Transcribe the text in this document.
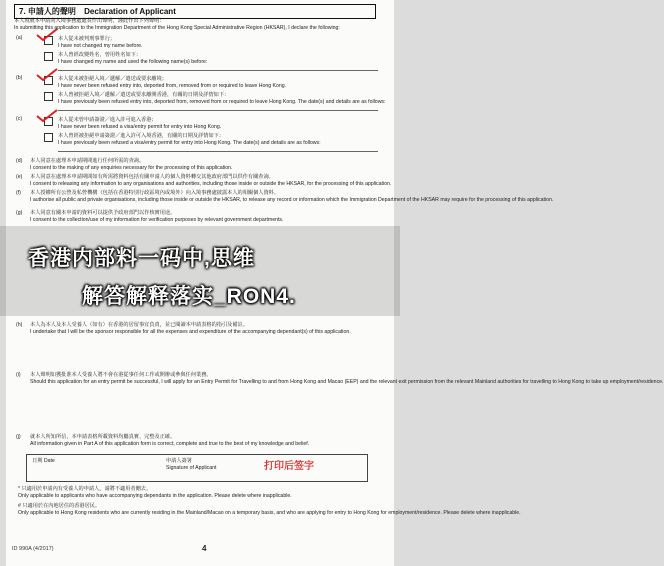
7. 申請人的聲明 Declaration of Applicant
本人現就本申請向入境事務處處長作出聲明，謹此作出下列聲明：
In submitting this application to the Immigration Department of the Hong Kong Special Administrative Region (HKSAR), I declare the following:
(a)	本人從未被判刑事罪行；
I have not changed my name before.
本人曾經改變姓名，曾用姓名如下：
I have changed my name and used the following name(s) before:
(b)	本人從未被拒絕入境／遞解／遣送或要求離境；
I have never been refused entry into, deported from, removed from or required to leave Hong Kong.
本人曾被拒絕入境／遞解／遣送或要求離開香港，有關的日期及詳情如下：
I have previously been refused entry into, deported from, removed from or required to leave Hong Kong. The date(s) and details are as follows:
(c)	本人從未曾申請簽證／進入許可進入香港；
I have never been refused a visa/entry permit for entry into Hong Kong.
本人曾經被拒絕申請簽證／進入許可入境香港，有關的日期及詳情如下：
I have previously been refused a visa/entry permit for entry into Hong Kong. The date(s) and details are as follows:
(d) 本人同意在處理本申請期間進行任何所需的查詢。
I consent to the making of any enquiries necessary for the processing of this application.
(e) 本人同意在處理本申請期間如有所需將資料包括有關申請人的個人資料轉交其他政府部門以供作有關查詢。
I consent to releasing any information to any organisations and authorities, including those inside or outside the HKSAR, for the processing of this application.
(f) 本人授權所有公營及私營機構（包括在香港特別行政區境內或境外）向入境事務處披露本人的相關個人資料。
I authorise all public and private organisations, including those inside or outside the HKSAR, to release any record or information which the Immigration Department of the HKSAR may require for the processing of this application.
(g) 本人同意有關本申請的資料可以提供予政府部門以作核實用途。
I consent to the collection/use of my information for verification purposes by relevant government departments.
(h) 本人為本人及本人受養人（如有）在香港的居留事宜負責，並已閱讀本申請表格的指引及備註。
I undertake that I will be the sponsor responsible for all the expenses and expenditure of the accompanying dependant(s) of this application.
(i) 本人聲明如獲批准本人受養人將不會在港從事任何工作或開辦或參與任何業務。
Should this application for an entry permit be successful, I will apply for an Entry Permit for Travelling to and from Hong Kong and Macao (EEP) and the relevant exit permission from the relevant Mainland authorities for travelling to Hong Kong to take up employment/residence.
(j) 就本人所知所信，本申請表格所載資料均屬真實、完整及正確。
All information given in Part A of this application form is correct, complete and true to the best of my knowledge and belief.
申請人簽署
Signature of Applicant
日期 Date	打印后签字
* 只適用於申請內有受養人的申請人，請將不適用者刪去。
Only applicable to applicants who have accompanying dependants in the application. Please delete where inapplicable.
# 只適用於在內地居住的香港居民。
Only applicable to Hong Kong residents who are currently residing in the Mainland/Macao on a temporary basis, and who are applying for entry to Hong Kong for employment/residence. Please delete where inapplicable.
ID 990A (4/2017)	4
香港内部料一码中,思维
解答解释落实_RON4.
